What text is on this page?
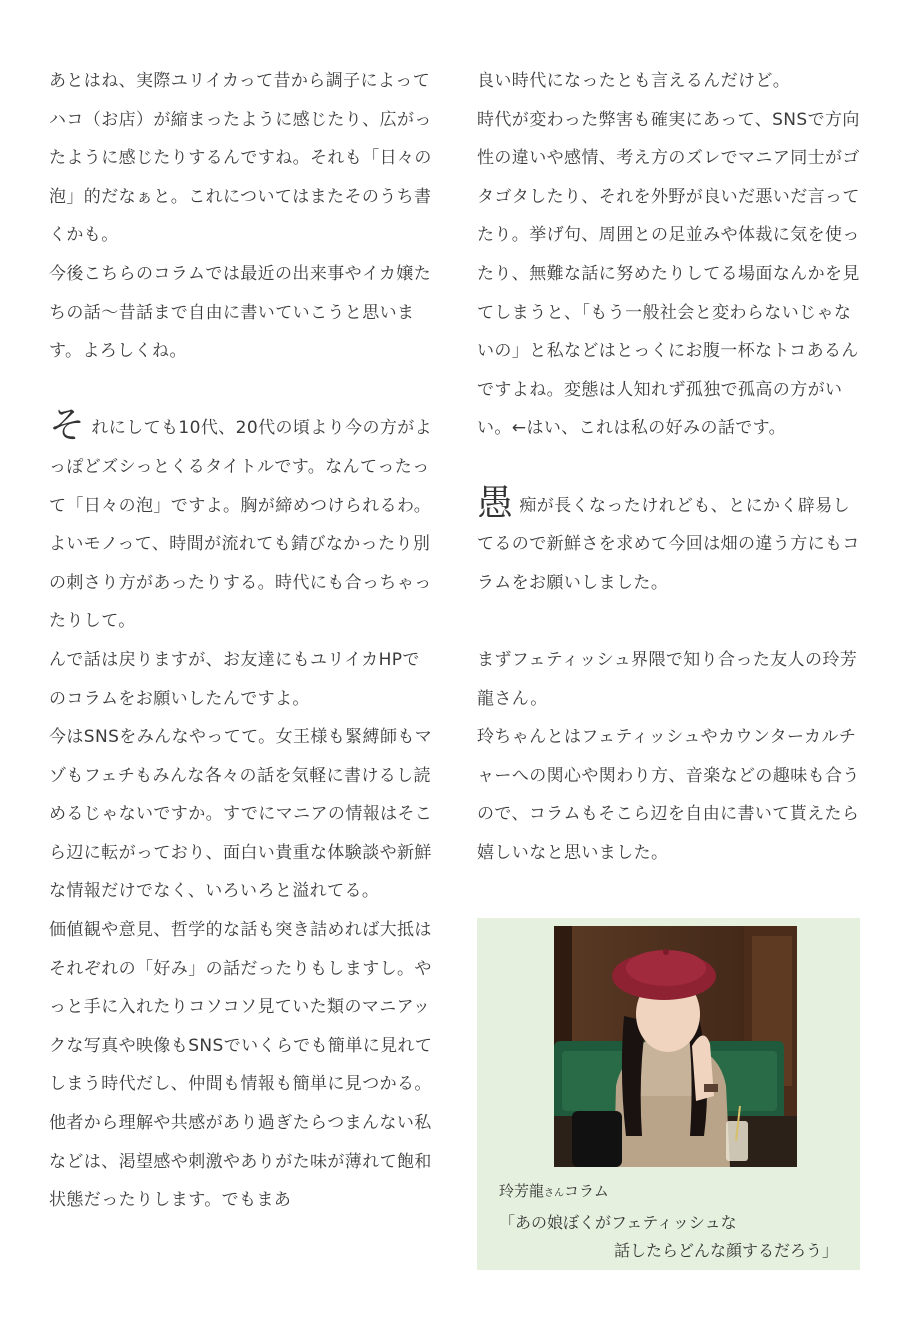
あとはね、実際ユリイカって昔から調子によってハコ（お店）が縮まったように感じたり、広がったように感じたりするんですね。それも「日々の泡」的だなぁと。これについてはまたそのうち書くかも。

今後こちらのコラムでは最近の出来事やイカ嬢たちの話〜昔話まで自由に書いていこうと思います。よろしくね。

それにしても10代、20代の頃より今の方がよっぽどズシっとくるタイトルです。なんてったって「日々の泡」ですよ。胸が締めつけられるわ。よいモノって、時間が流れても錆びなかったり別の刺さり方があったりする。時代にも合っちゃったりして。

んで話は戻りますが、お友達にもユリイカHPでのコラムをお願いしたんですよ。

今はSNSをみんなやってて。女王様も緊縛師もマゾもフェチもみんな各々の話を気軽に書けるし読めるじゃないですか。すでにマニアの情報はそこら辺に転がっており、面白い貴重な体験談や新鮮な情報だけでなく、いろいろと溢れてる。

価値観や意見、哲学的な話も突き詰めれば大抵はそれぞれの「好み」の話だったりもしますし。やっと手に入れたりコソコソ見ていた類のマニアックな写真や映像もSNSでいくらでも簡単に見れてしまう時代だし、仲間も情報も簡単に見つかる。他者から理解や共感があり過ぎたらつまんない私などは、渇望感や刺激やありがた味が薄れて飽和状態だったりします。でもまあ

良い時代になったとも言えるんだけど。

時代が変わった弊害も確実にあって、SNSで方向性の違いや感情、考え方のズレでマニア同士がゴタゴタしたり、それを外野が良いだ悪いだ言ってたり。挙げ句、周囲との足並みや体裁に気を使ったり、無難な話に努めたりしてる場面なんかを見てしまうと、「もう一般社会と変わらないじゃないの」と私などはとっくにお腹一杯なトコあるんですよね。変態は人知れず孤独で孤高の方がいい。←はい、これは私の好みの話です。

愚痴が長くなったけれども、とにかく辟易してるので新鮮さを求めて今回は畑の違う方にもコラムをお願いしました。

まずフェティッシュ界隈で知り合った友人の玲芳龍さん。

玲ちゃんとはフェティッシュやカウンターカルチャーへの関心や関わり方、音楽などの趣味も合うので、コラムもそこら辺を自由に書いて貰えたら嬉しいなと思いました。

玲芳龍さんコラム
「あの娘ぼくがフェティッシュな
話したらどんな顔するだろう」
